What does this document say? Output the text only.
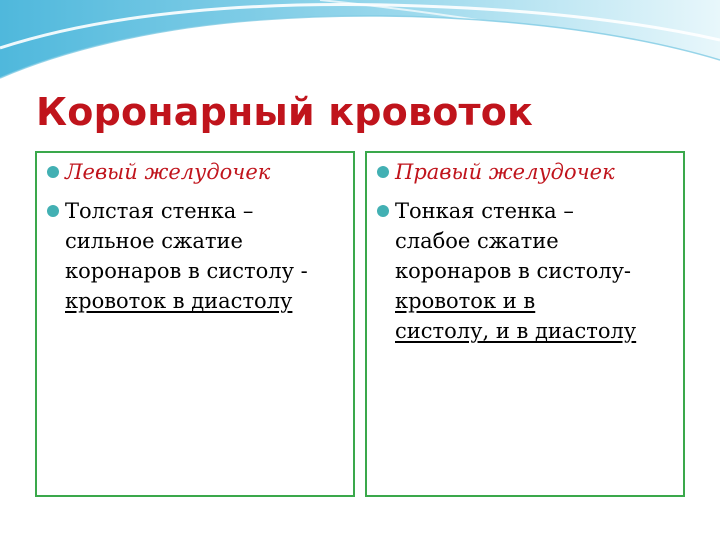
Коронарный кровоток
Левый желудочек
Толстая стенка –
сильное сжатие
коронаров в систолу -
кровоток в диастолу
Правый желудочек
Тонкая стенка –
слабое сжатие
коронаров в систолу-
кровоток и в
систолу, и в диастолу
